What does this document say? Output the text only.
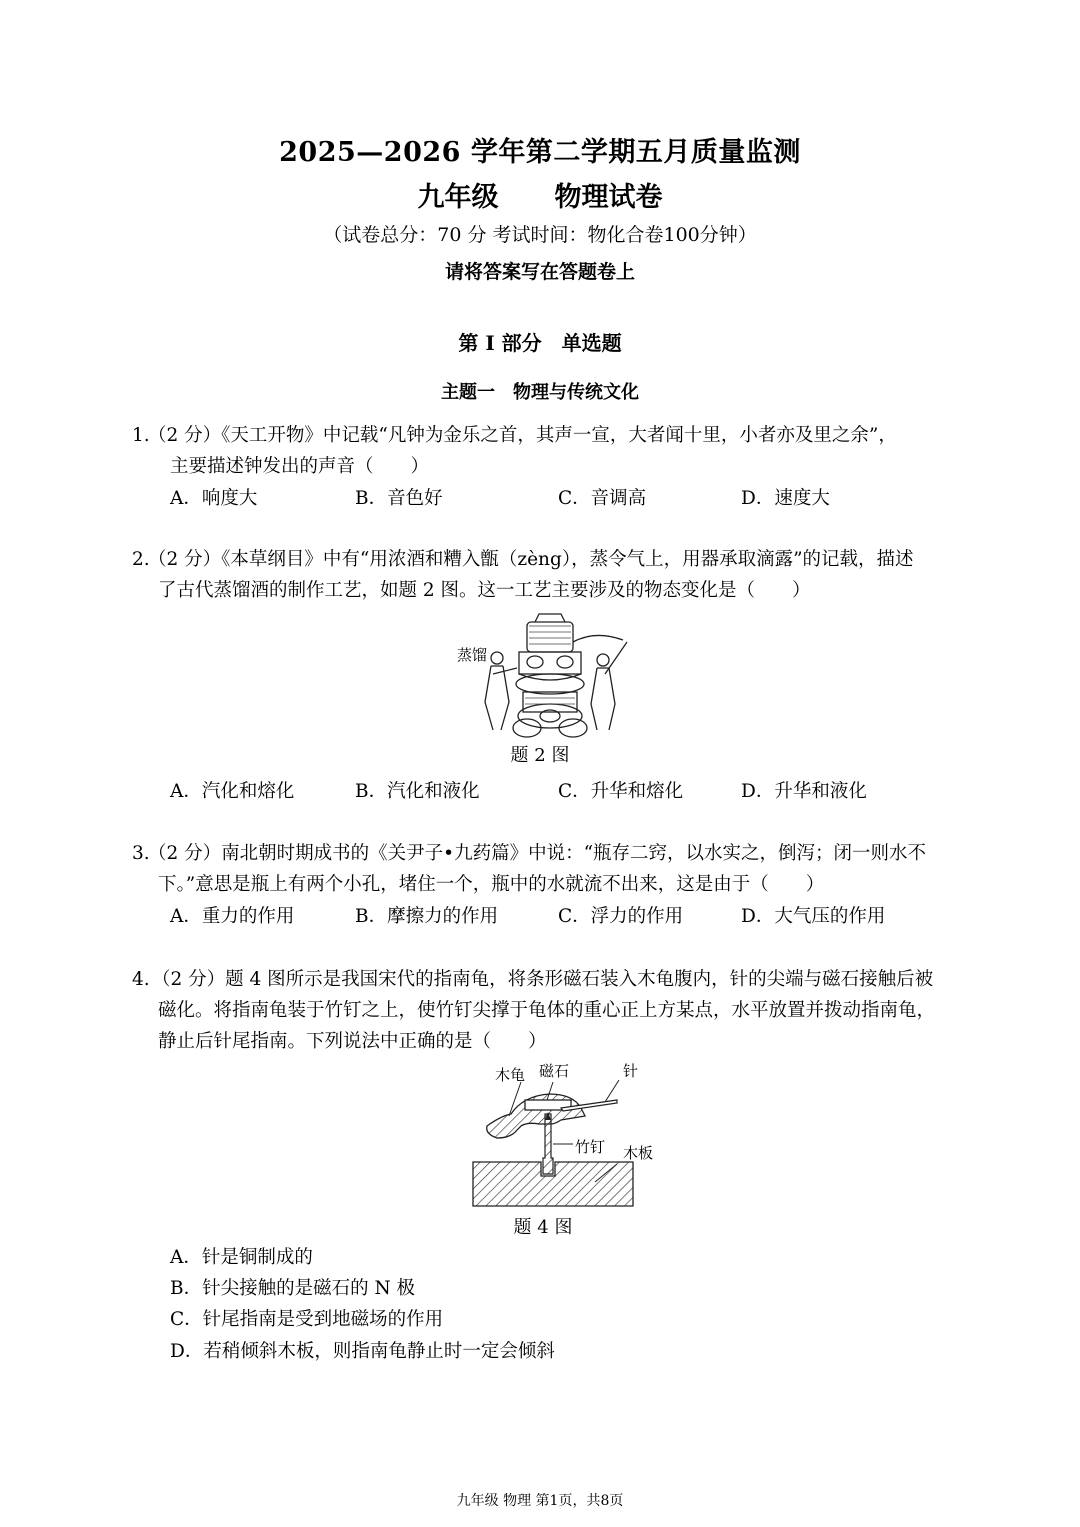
2025—2026 学年第二学期五月质量监测
九年级 物理试卷
（试卷总分：70 分 考试时间：物化合卷100分钟）
请将答案写在答题卷上
第 I 部分　单选题
主题一　物理与传统文化
1.
（2 分）《天工开物》中记载“凡钟为金乐之首，其声一宣，大者闻十里，小者亦及里之余”，
主要描述钟发出的声音（　　）
A．响度大	B．音色好	C．音调高	D．速度大
2.
（2 分）《本草纲目》中有“用浓酒和糟入甑（zèng），蒸令气上，用器承取滴露”的记载，描述
了古代蒸馏酒的制作工艺，如题 2 图。这一工艺主要涉及的物态变化是（　　）
蒸馏
题 2 图
A．汽化和熔化	B．汽化和液化	C．升华和熔化	D．升华和液化
3.
（2 分）南北朝时期成书的《关尹子•九药篇》中说：“瓶存二窍，以水实之，倒泻；闭一则水不
下。”意思是瓶上有两个小孔，堵住一个，瓶中的水就流不出来，这是由于（　　）
A．重力的作用	B．摩擦力的作用	C．浮力的作用	D．大气压的作用
4. （2 分）题 4 图所示是我国宋代的指南龟，将条形磁石装入木龟腹内，针的尖端与磁石接触后被
磁化。将指南龟装于竹钉之上，使竹钉尖撑于龟体的重心正上方某点，水平放置并拨动指南龟，
静止后针尾指南。下列说法中正确的是（　　）
木龟 磁石	针
竹钉 木板
题 4 图
A．针是铜制成的
B．针尖接触的是磁石的 N 极
C．针尾指南是受到地磁场的作用
D．若稍倾斜木板，则指南龟静止时一定会倾斜
九年级 物理 第1页，共8页
